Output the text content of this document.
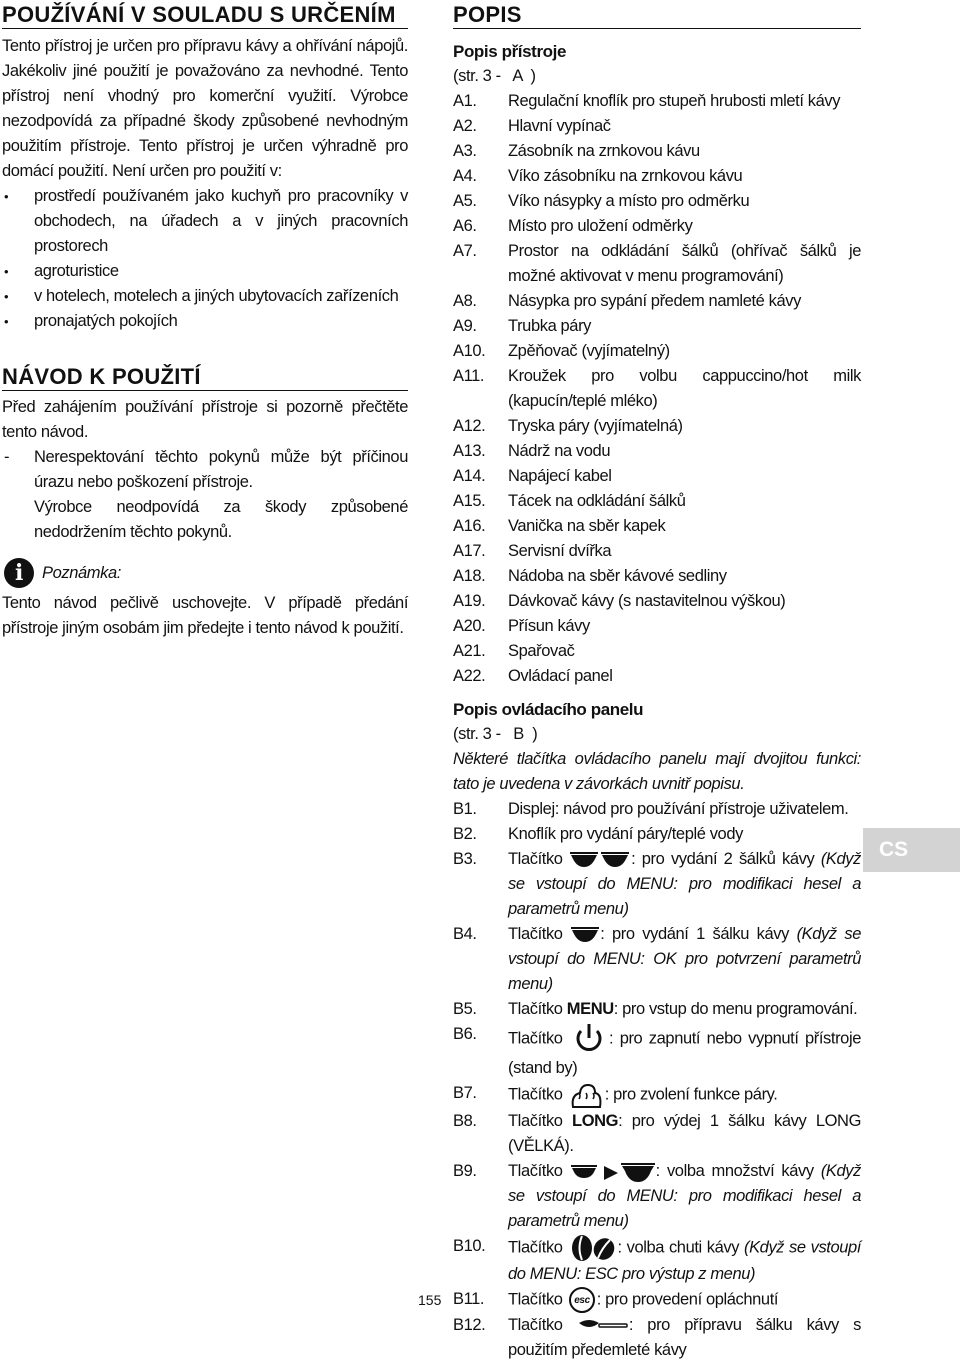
POUŽÍVÁNÍ V SOULADU S URČENÍM

Tento přístroj je určen pro přípravu kávy a ohřívání nápojů. Jakékoliv jiné použití je považováno za nevhodné. Tento přístroj není vhodný pro komerční využití. Výrobce nezodpovídá za případné škody způsobené nevhodným použitím přístroje. Tento přístroj je určen výhradně pro domácí použití. Není určen pro použití v:

• prostředí používaném jako kuchyň pro pracovníky v obchodech, na úřadech a v jiných pracovních prostorech
• agroturistice
• v hotelech, motelech a jiných ubytovacích zařízeních
• pronajatých pokojích
NÁVOD K POUŽITÍ

Před zahájením používání přístroje si pozorně přečtěte tento návod.

- Nerespektování těchto pokynů může být příčinou úrazu nebo poškození přístroje.

Výrobce neodpovídá za škody způsobené nedodržením těchto pokynů.

i	Poznámka:

Tento návod pečlivě uschovejte. V případě předání přístroje jiným osobám jim předejte i tento návod k použití.

POPIS

Popis přístroje

(str. 3 -   A  )

A1.	Regulační knoflík pro stupeň hrubosti mletí kávy
A2.	Hlavní vypínač
A3.	Zásobník na zrnkovou kávu
A4.	Víko zásobníku na zrnkovou kávu
A5.	Víko násypky a místo pro odměrku
A6.	Místo pro uložení odměrky
A7.	Prostor na odkládání šálků (ohřívač šálků je možné aktivovat v menu programování)
A8.	Násypka pro sypání předem namleté kávy
A9.	Trubka páry
A10.	Zpěňovač (vyjímatelný)
A11.	Kroužek pro volbu cappuccino/hot milk (kapucín/teplé mléko)
A12.	Tryska páry (vyjímatelná)
A13.	Nádrž na vodu
A14.	Napájecí kabel
A15.	Tácek na odkládání šálků
A16.	Vanička na sběr kapek
A17.	Servisní dvířka
A18.	Nádoba na sběr kávové sedliny
A19.	Dávkovač kávy (s nastavitelnou výškou)
A20.	Přísun kávy
A21.	Spařovač
A22.	Ovládací panel

Popis ovládacího panelu

(str. 3 -   B  )

Některé tlačítka ovládacího panelu mají dvojitou funkci: tato je uvedena v závorkách uvnitř popisu.

B1.	Displej: návod pro používání přístroje uživatelem.
B2.	Knoflík pro vydání páry/teplé vody
B3.	Tlačítko	: pro vydání 2 šálků kávy (Když se vstoupí do MENU: pro modifikaci hesel a parametrů menu)
B4.	Tlačítko : pro vydání 1 šálku kávy (Když se vstoupí do MENU: OK pro potvrzení parametrů menu)
B5.	Tlačítko MENU: pro vstup do menu programování.
B6.	Tlačítko	: pro zapnutí nebo vypnutí přístroje (stand by)
B7.	Tlačítko	: pro zvolení funkce páry.
B8.	Tlačítko LONG: pro výdej 1 šálku kávy LONG (VĚLKÁ).
B9.	Tlačítko	: volba množství kávy (Když se vstoupí do MENU: pro modifikaci hesel a parametrů menu)
B10.	Tlačítko	: volba chuti kávy (Když se vstoupí do MENU: ESC pro výstup z menu)
B11.	Tlačítko esc : pro provedení opláchnutí
B12.	Tlačítko	: pro přípravu šálku kávy s použitím předemleté kávy
CS
155
